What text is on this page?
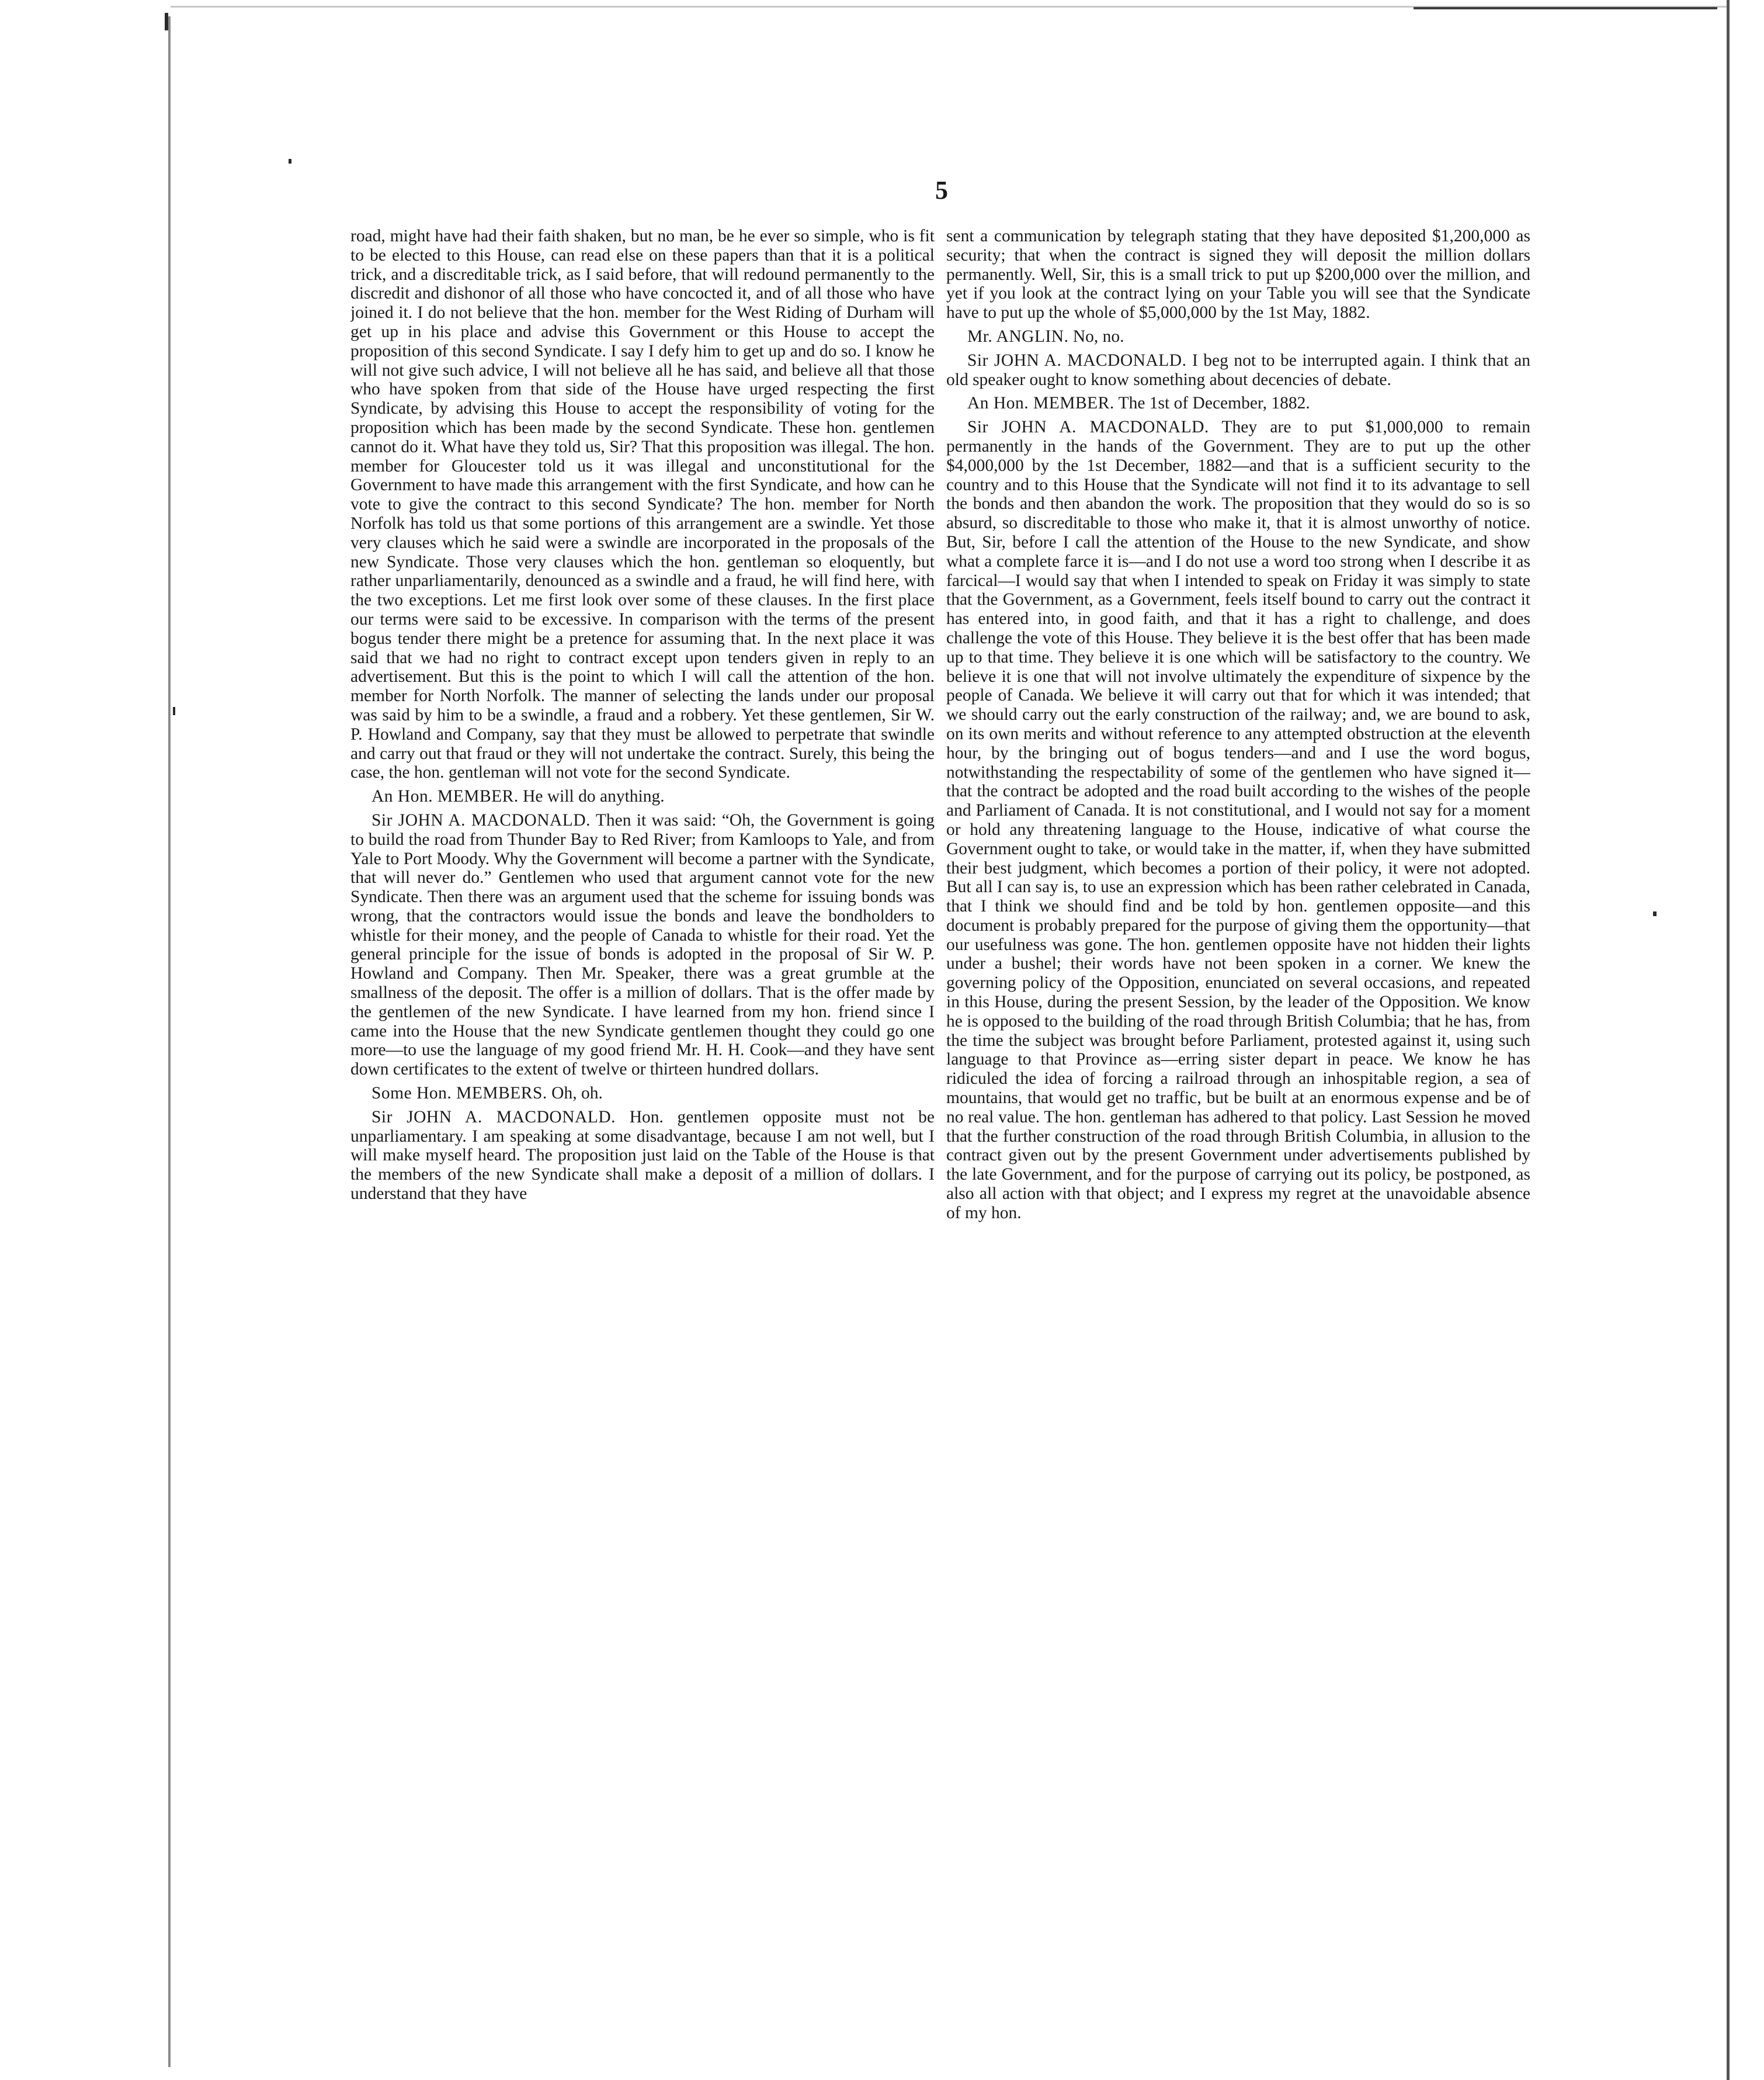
5

road, might have had their faith shaken, but no man, be he ever so simple, who is fit to be elected to this House, can read else on these papers than that it is a political trick, and a discreditable trick, as I said before, that will redound permanently to the discredit and dishonor of all those who have concocted it, and of all those who have joined it. I do not believe that the hon. member for the West Riding of Durham will get up in his place and advise this Government or this House to accept the proposition of this second Syndicate. I say I defy him to get up and do so. I know he will not give such advice, I will not believe all he has said, and believe all that those who have spoken from that side of the House have urged respecting the first Syndicate, by advising this House to accept the responsibility of voting for the proposition which has been made by the second Syndicate. These hon. gentlemen cannot do it. What have they told us, Sir? That this proposition was illegal. The hon. member for Gloucester told us it was illegal and unconstitutional for the Government to have made this arrangement with the first Syndicate, and how can he vote to give the contract to this second Syndicate? The hon. member for North Norfolk has told us that some portions of this arrangement are a swindle. Yet those very clauses which he said were a swindle are incorporated in the proposals of the new Syndicate. Those very clauses which the hon. gentleman so eloquently, but rather unparliamentarily, denounced as a swindle and a fraud, he will find here, with the two exceptions. Let me first look over some of these clauses. In the first place our terms were said to be excessive. In comparison with the terms of the present bogus tender there might be a pretence for assuming that. In the next place it was said that we had no right to contract except upon tenders given in reply to an advertisement. But this is the point to which I will call the attention of the hon. member for North Norfolk. The manner of selecting the lands under our proposal was said by him to be a swindle, a fraud and a robbery. Yet these gentlemen, Sir W. P. Howland and Company, say that they must be allowed to perpetrate that swindle and carry out that fraud or they will not undertake the contract. Surely, this being the case, the hon. gentleman will not vote for the second Syndicate.

An Hon. MEMBER. He will do anything.

Sir JOHN A. MACDONALD. Then it was said: “Oh, the Government is going to build the road from Thunder Bay to Red River; from Kamloops to Yale, and from Yale to Port Moody. Why the Government will become a partner with the Syndicate, that will never do.” Gentlemen who used that argument cannot vote for the new Syndicate. Then there was an argument used that the scheme for issuing bonds was wrong, that the contractors would issue the bonds and leave the bondholders to whistle for their money, and the people of Canada to whistle for their road. Yet the general principle for the issue of bonds is adopted in the proposal of Sir W. P. Howland and Company. Then Mr. Speaker, there was a great grumble at the smallness of the deposit. The offer is a million of dollars. That is the offer made by the gentlemen of the new Syndicate. I have learned from my hon. friend since I came into the House that the new Syndicate gentlemen thought they could go one more—to use the language of my good friend Mr. H. H. Cook—and they have sent down certificates to the extent of twelve or thirteen hundred dollars.

Some Hon. MEMBERS. Oh, oh.

Sir JOHN A. MACDONALD. Hon. gentlemen opposite must not be unparliamentary. I am speaking at some disadvantage, because I am not well, but I will make myself heard. The proposition just laid on the Table of the House is that the members of the new Syndicate shall make a deposit of a million of dollars. I understand that they have

sent a communication by telegraph stating that they have deposited $1,200,000 as security; that when the contract is signed they will deposit the million dollars permanently. Well, Sir, this is a small trick to put up $200,000 over the million, and yet if you look at the contract lying on your Table you will see that the Syndicate have to put up the whole of $5,000,000 by the 1st May, 1882.

Mr. ANGLIN. No, no.

Sir JOHN A. MACDONALD. I beg not to be interrupted again. I think that an old speaker ought to know something about decencies of debate.

An Hon. MEMBER. The 1st of December, 1882.

Sir JOHN A. MACDONALD. They are to put $1,000,000 to remain permanently in the hands of the Government. They are to put up the other $4,000,000 by the 1st December, 1882—and that is a sufficient security to the country and to this House that the Syndicate will not find it to its advantage to sell the bonds and then abandon the work. The proposition that they would do so is so absurd, so discreditable to those who make it, that it is almost unworthy of notice. But, Sir, before I call the attention of the House to the new Syndicate, and show what a complete farce it is—and I do not use a word too strong when I describe it as farcical—I would say that when I intended to speak on Friday it was simply to state that the Government, as a Government, feels itself bound to carry out the contract it has entered into, in good faith, and that it has a right to challenge, and does challenge the vote of this House. They believe it is the best offer that has been made up to that time. They believe it is one which will be satisfactory to the country. We believe it is one that will not involve ultimately the expenditure of sixpence by the people of Canada. We believe it will carry out that for which it was intended; that we should carry out the early construction of the railway; and, we are bound to ask, on its own merits and without reference to any attempted obstruction at the eleventh hour, by the bringing out of bogus tenders—and and I use the word bogus, notwithstanding the respectability of some of the gentlemen who have signed it—that the contract be adopted and the road built according to the wishes of the people and Parliament of Canada. It is not constitutional, and I would not say for a moment or hold any threatening language to the House, indicative of what course the Government ought to take, or would take in the matter, if, when they have submitted their best judgment, which becomes a portion of their policy, it were not adopted. But all I can say is, to use an expression which has been rather celebrated in Canada, that I think we should find and be told by hon. gentlemen opposite—and this document is probably prepared for the purpose of giving them the opportunity—that our usefulness was gone. The hon. gentlemen opposite have not hidden their lights under a bushel; their words have not been spoken in a corner. We knew the governing policy of the Opposition, enunciated on several occasions, and repeated in this House, during the present Session, by the leader of the Opposition. We know he is opposed to the building of the road through British Columbia; that he has, from the time the subject was brought before Parliament, protested against it, using such language to that Province as—erring sister depart in peace. We know he has ridiculed the idea of forcing a railroad through an inhospitable region, a sea of mountains, that would get no traffic, but be built at an enormous expense and be of no real value. The hon. gentleman has adhered to that policy. Last Session he moved that the further construction of the road through British Columbia, in allusion to the contract given out by the present Government under advertisements published by the late Government, and for the purpose of carrying out its policy, be postponed, as also all action with that object; and I express my regret at the unavoidable absence of my hon.
